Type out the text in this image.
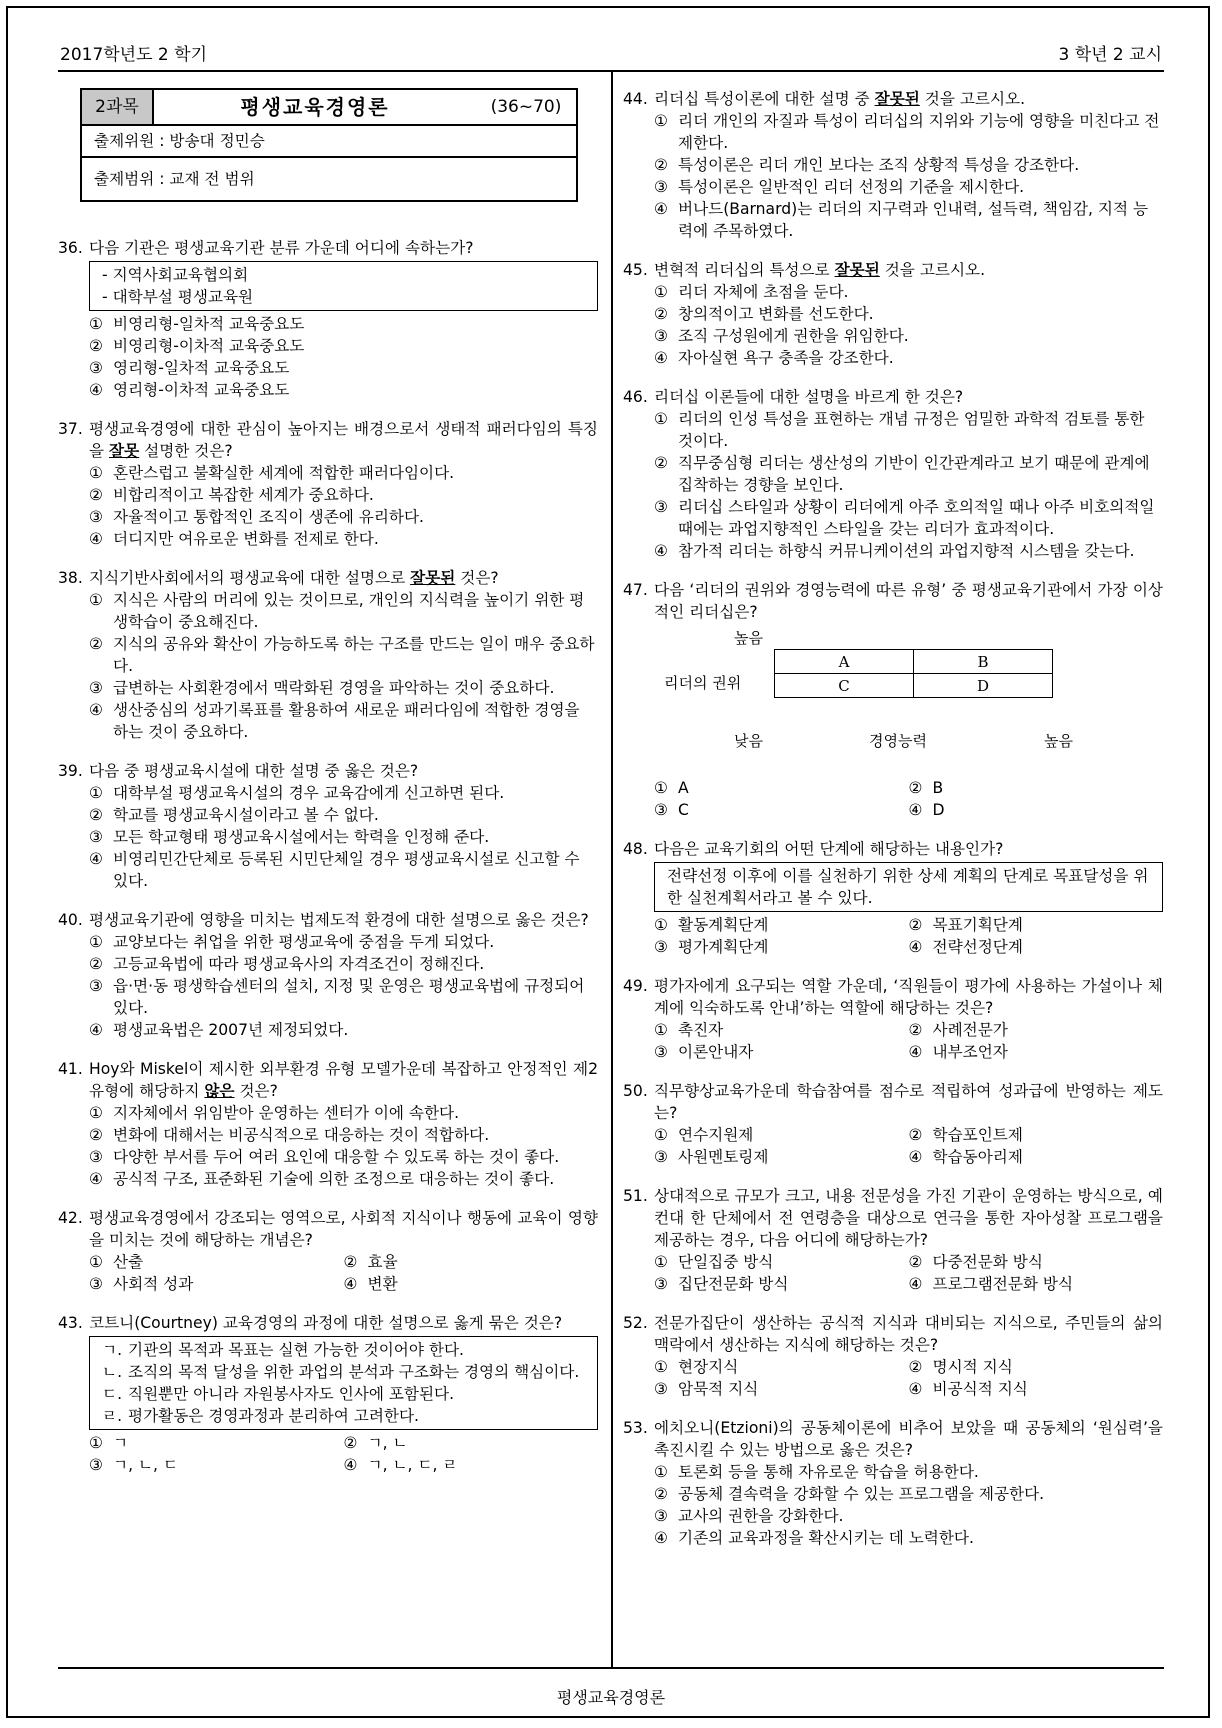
2017학년도 2 학기	3 학년 2 교시
평생교육경영론
2과목	평생교육경영론	(36~70)
출제위원 : 방송대 정민승
출제범위 : 교재 전 범위
36. 다음 기관은 평생교육기관 분류 가운데 어디에 속하는가?
- 지역사회교육협의회
- 대학부설 평생교육원
① 비영리형-일차적 교육중요도
② 비영리형-이차적 교육중요도
③ 영리형-일차적 교육중요도
④ 영리형-이차적 교육중요도
37. 평생교육경영에 대한 관심이 높아지는 배경으로서 생태적 패러다임의 특징을 잘못 설명한 것은?
① 혼란스럽고 불확실한 세계에 적합한 패러다임이다.
② 비합리적이고 복잡한 세계가 중요하다.
③ 자율적이고 통합적인 조직이 생존에 유리하다.
④ 더디지만 여유로운 변화를 전제로 한다.
38. 지식기반사회에서의 평생교육에 대한 설명으로 잘못된 것은?
① 지식은 사람의 머리에 있는 것이므로, 개인의 지식력을 높이기 위한 평생학습이 중요해진다.
② 지식의 공유와 확산이 가능하도록 하는 구조를 만드는 일이 매우 중요하다.
③ 급변하는 사회환경에서 맥락화된 경영을 파악하는 것이 중요하다.
④ 생산중심의 성과기록표를 활용하여 새로운 패러다임에 적합한 경영을 하는 것이 중요하다.
39. 다음 중 평생교육시설에 대한 설명 중 옳은 것은?
① 대학부설 평생교육시설의 경우 교육감에게 신고하면 된다.
② 학교를 평생교육시설이라고 볼 수 없다.
③ 모든 학교형태 평생교육시설에서는 학력을 인정해 준다.
④ 비영리민간단체로 등록된 시민단체일 경우 평생교육시설로 신고할 수 있다.
40. 평생교육기관에 영향을 미치는 법제도적 환경에 대한 설명으로 옳은 것은?
① 교양보다는 취업을 위한 평생교육에 중점을 두게 되었다.
② 고등교육법에 따라 평생교육사의 자격조건이 정해진다.
③ 읍·면·동 평생학습센터의 설치, 지정 및 운영은 평생교육법에 규정되어 있다.
④ 평생교육법은 2007년 제정되었다.
41. Hoy와 Miskel이 제시한 외부환경 유형 모델가운데 복잡하고 안정적인 제2유형에 해당하지 않은 것은?
① 지자체에서 위임받아 운영하는 센터가 이에 속한다.
② 변화에 대해서는 비공식적으로 대응하는 것이 적합하다.
③ 다양한 부서를 두어 여러 요인에 대응할 수 있도록 하는 것이 좋다.
④ 공식적 구조, 표준화된 기술에 의한 조정으로 대응하는 것이 좋다.
42. 평생교육경영에서 강조되는 영역으로, 사회적 지식이나 행동에 교육이 영향을 미치는 것에 해당하는 개념은?
① 산출	② 효율
③ 사회적 성과	④ 변환
43. 코트니(Courtney) 교육경영의 과정에 대한 설명으로 옳게 묶은 것은?
ㄱ. 기관의 목적과 목표는 실현 가능한 것이어야 한다.
ㄴ. 조직의 목적 달성을 위한 과업의 분석과 구조화는 경영의 핵심이다.
ㄷ. 직원뿐만 아니라 자원봉사자도 인사에 포함된다.
ㄹ. 평가활동은 경영과정과 분리하여 고려한다.
① ㄱ	② ㄱ, ㄴ
③ ㄱ, ㄴ, ㄷ	④ ㄱ, ㄴ, ㄷ, ㄹ
44. 리더십 특성이론에 대한 설명 중 잘못된 것을 고르시오.
① 리더 개인의 자질과 특성이 리더십의 지위와 기능에 영향을 미친다고 전제한다.
② 특성이론은 리더 개인 보다는 조직 상황적 특성을 강조한다.
③ 특성이론은 일반적인 리더 선정의 기준을 제시한다.
④ 버나드(Barnard)는 리더의 지구력과 인내력, 설득력, 책임감, 지적 능력에 주목하였다.
45. 변혁적 리더십의 특성으로 잘못된 것을 고르시오.
① 리더 자체에 초점을 둔다.
② 창의적이고 변화를 선도한다.
③ 조직 구성원에게 권한을 위임한다.
④ 자아실현 욕구 충족을 강조한다.
46. 리더십 이론들에 대한 설명을 바르게 한 것은?
① 리더의 인성 특성을 표현하는 개념 규정은 엄밀한 과학적 검토를 통한 것이다.
② 직무중심형 리더는 생산성의 기반이 인간관계라고 보기 때문에 관계에 집착하는 경향을 보인다.
③ 리더십 스타일과 상황이 리더에게 아주 호의적일 때나 아주 비호의적일 때에는 과업지향적인 스타일을 갖는 리더가 효과적이다.
④ 참가적 리더는 하향식 커뮤니케이션의 과업지향적 시스템을 갖는다.
47. 다음 ‘리더의 권위와 경영능력에 따른 유형’ 중 평생교육기관에서 가장 이상적인 리더십은?
높음
리더의 권위
낮음	경영능력	높음
A	B
C	D
① A	② B
③ C	④ D
48. 다음은 교육기회의 어떤 단계에 해당하는 내용인가?
전략선정 이후에 이를 실천하기 위한 상세 계획의 단계로 목표달성을 위한 실천계획서라고 볼 수 있다.
① 활동계획단계	② 목표기획단계
③ 평가계획단계	④ 전략선정단계
49. 평가자에게 요구되는 역할 가운데, ‘직원들이 평가에 사용하는 가설이나 체계에 익숙하도록 안내’하는 역할에 해당하는 것은?
① 촉진자	② 사례전문가
③ 이론안내자	④ 내부조언자
50. 직무향상교육가운데 학습참여를 점수로 적립하여 성과급에 반영하는 제도는?
① 연수지원제	② 학습포인트제
③ 사원멘토링제	④ 학습동아리제
51. 상대적으로 규모가 크고, 내용 전문성을 가진 기관이 운영하는 방식으로, 예컨대 한 단체에서 전 연령층을 대상으로 연극을 통한 자아성찰 프로그램을 제공하는 경우, 다음 어디에 해당하는가?
① 단일집중 방식	② 다중전문화 방식
③ 집단전문화 방식	④ 프로그램전문화 방식
52. 전문가집단이 생산하는 공식적 지식과 대비되는 지식으로, 주민들의 삶의 맥락에서 생산하는 지식에 해당하는 것은?
① 현장지식	② 명시적 지식
③ 암묵적 지식	④ 비공식적 지식
53. 에치오니(Etzioni)의 공동체이론에 비추어 보았을 때 공동체의 ‘원심력’을 촉진시킬 수 있는 방법으로 옳은 것은?
① 토론회 등을 통해 자유로운 학습을 허용한다.
② 공동체 결속력을 강화할 수 있는 프로그램을 제공한다.
③ 교사의 권한을 강화한다.
④ 기존의 교육과정을 확산시키는 데 노력한다.
